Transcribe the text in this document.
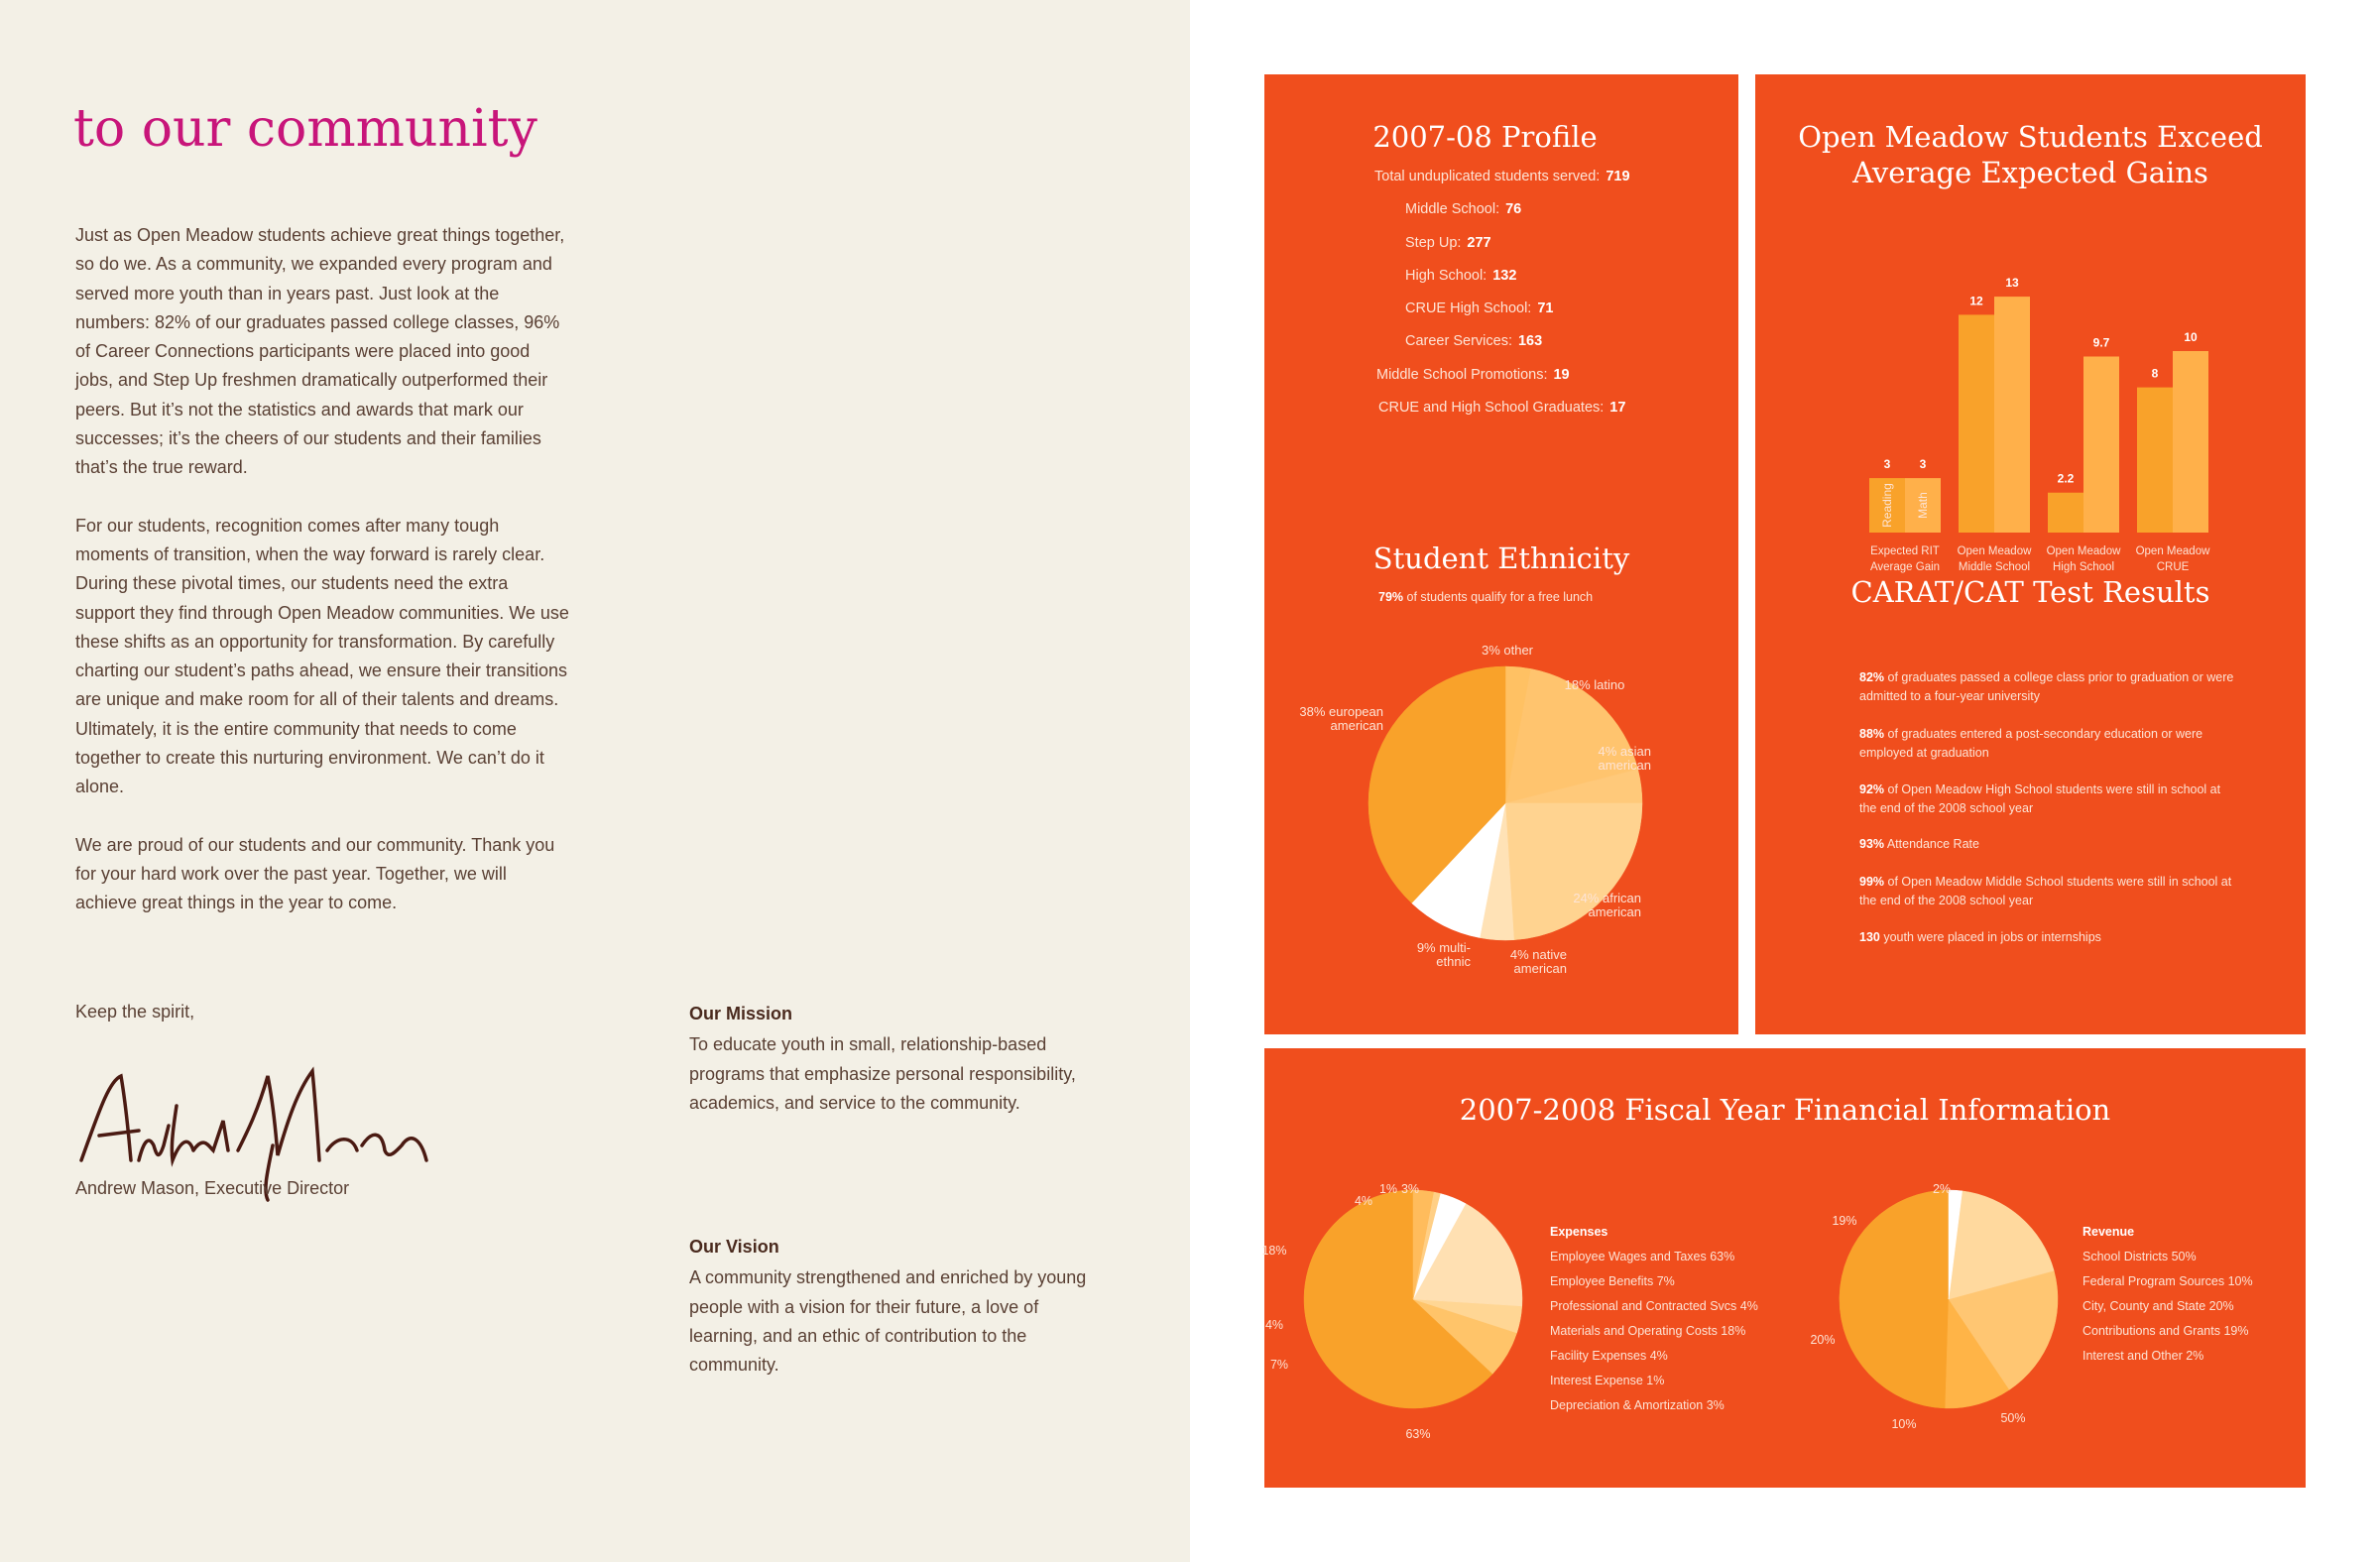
to our community

Just as Open Meadow students achieve great things together, so do we. As a community, we expanded every program and served more youth than in years past. Just look at the numbers: 82% of our graduates passed college classes, 96% of Career Connections participants were placed into good jobs, and Step Up freshmen dramatically outperformed their peers. But it’s not the statistics and awards that mark our successes; it’s the cheers of our students and their families that’s the true reward.

For our students, recognition comes after many tough moments of transition, when the way forward is rarely clear. During these pivotal times, our students need the extra support they find through Open Meadow communities. We use these shifts as an opportunity for transformation. By carefully charting our student’s paths ahead, we ensure their transitions are unique and make room for all of their talents and dreams. Ultimately, it is the entire community that needs to come together to create this nurturing environment. We can’t do it alone.

We are proud of our students and our community. Thank you for your hard work over the past year. Together, we will achieve great things in the year to come.

Keep the spirit,
Andrew Mason
Andrew Mason, Executive Director
Our Mission

To educate youth in small, relationship-based programs that emphasize personal responsibility, academics, and service to the community.

Our Vision

A community strengthened and enriched by young people with a vision for their future, a love of learning, and an ethic of contribution to the community.

2007-08 Profile
Total unduplicated students served: 719
Middle School: 76
Step Up: 277
High School: 132
CRUE High School: 71
Career Services: 163
Middle School Promotions: 19
CRUE and High School Graduates: 17
Student Ethnicity
79% of students qualify for a free lunch
3% other
18% latino
4% asian american
24% african american
4% native american
9% multi-ethnic
38% european american
Open Meadow Students Exceed Average Expected Gains
3
Reading
3
Math
Expected RIT Average Gain
12
13
Open Meadow Middle School
2.2
9.7
Open Meadow High School
8
10
Open Meadow CRUE
CARAT/CAT Test Results
82% of graduates passed a college class prior to graduation or were admitted to a four-year university
88% of graduates entered a post-secondary education or were employed at graduation
92% of Open Meadow High School students were still in school at the end of the 2008 school year
93% Attendance Rate
99% of Open Meadow Middle School students were still in school at the end of the 2008 school year
130 youth were placed in jobs or internships
2007-2008 Fiscal Year Financial Information
63%
7%
4%
18%
4%
1% 3%
Expenses
Employee Wages and Taxes 63%
Employee Benefits 7%
Professional and Contracted Svcs 4%
Materials and Operating Costs 18%
Facility Expenses 4%
Interest Expense 1%
Depreciation & Amortization 3%
50%
10%
20%
19%
2%
Revenue
School Districts 50%
Federal Program Sources 10%
City, County and State 20%
Contributions and Grants 19%
Interest and Other 2%
